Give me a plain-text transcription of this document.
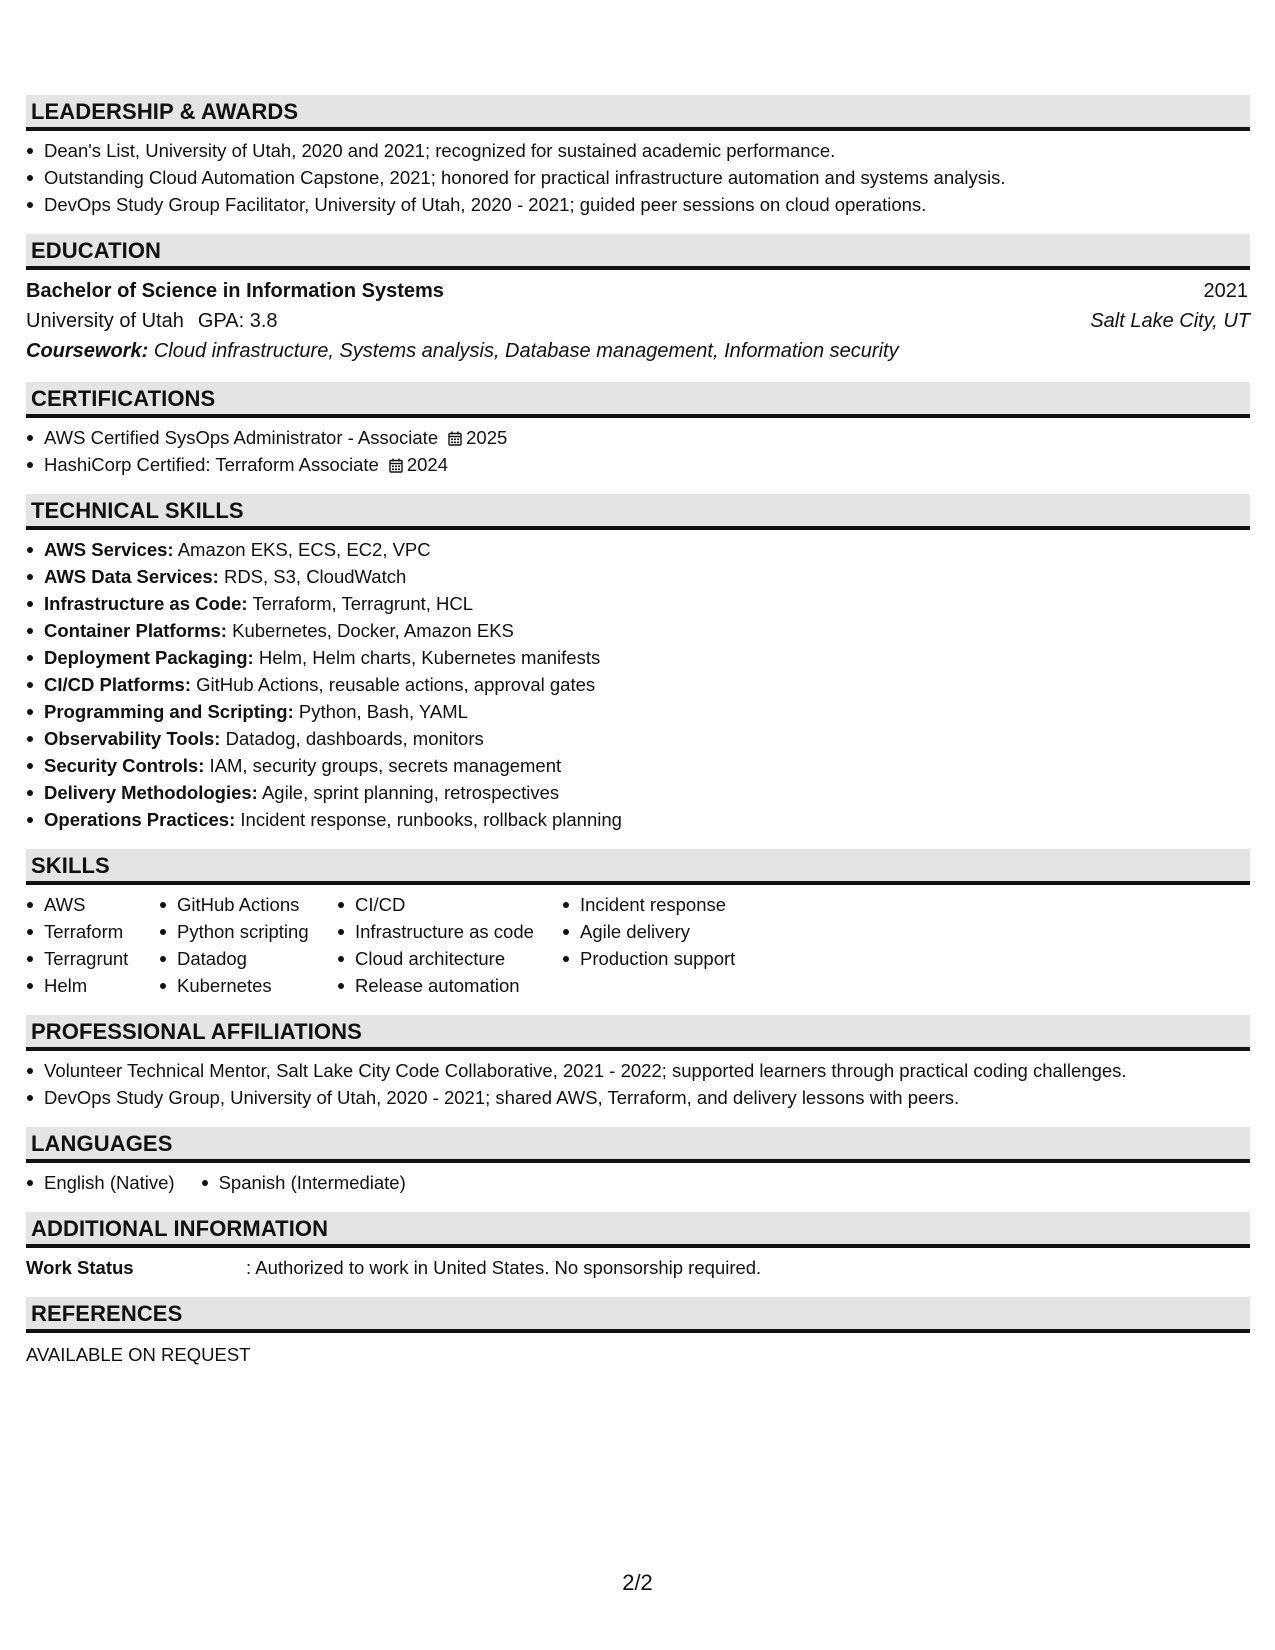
LEADERSHIP & AWARDS
Dean's List, University of Utah, 2020 and 2021; recognized for sustained academic performance.
Outstanding Cloud Automation Capstone, 2021; honored for practical infrastructure automation and systems analysis.
DevOps Study Group Facilitator, University of Utah, 2020 - 2021; guided peer sessions on cloud operations.
EDUCATION
Bachelor of Science in Information Systems	2021
University of Utah GPA: 3.8	Salt Lake City, UT
Coursework: Cloud infrastructure, Systems analysis, Database management, Information security
CERTIFICATIONS
AWS Certified SysOps Administrator - Associate 2025
HashiCorp Certified: Terraform Associate 2024
TECHNICAL SKILLS
AWS Services: Amazon EKS, ECS, EC2, VPC
AWS Data Services: RDS, S3, CloudWatch
Infrastructure as Code: Terraform, Terragrunt, HCL
Container Platforms: Kubernetes, Docker, Amazon EKS
Deployment Packaging: Helm, Helm charts, Kubernetes manifests
CI/CD Platforms: GitHub Actions, reusable actions, approval gates
Programming and Scripting: Python, Bash, YAML
Observability Tools: Datadog, dashboards, monitors
Security Controls: IAM, security groups, secrets management
Delivery Methodologies: Agile, sprint planning, retrospectives
Operations Practices: Incident response, runbooks, rollback planning
SKILLS
AWS
Terraform
Terragrunt
Helm
GitHub Actions
Python scripting
Datadog
Kubernetes
CI/CD
Infrastructure as code
Cloud architecture
Release automation
Incident response
Agile delivery
Production support
PROFESSIONAL AFFILIATIONS
Volunteer Technical Mentor, Salt Lake City Code Collaborative, 2021 - 2022; supported learners through practical coding challenges.
DevOps Study Group, University of Utah, 2020 - 2021; shared AWS, Terraform, and delivery lessons with peers.
LANGUAGES
English (Native)	Spanish (Intermediate)
ADDITIONAL INFORMATION
Work Status	: Authorized to work in United States. No sponsorship required.
REFERENCES
AVAILABLE ON REQUEST
2/2
